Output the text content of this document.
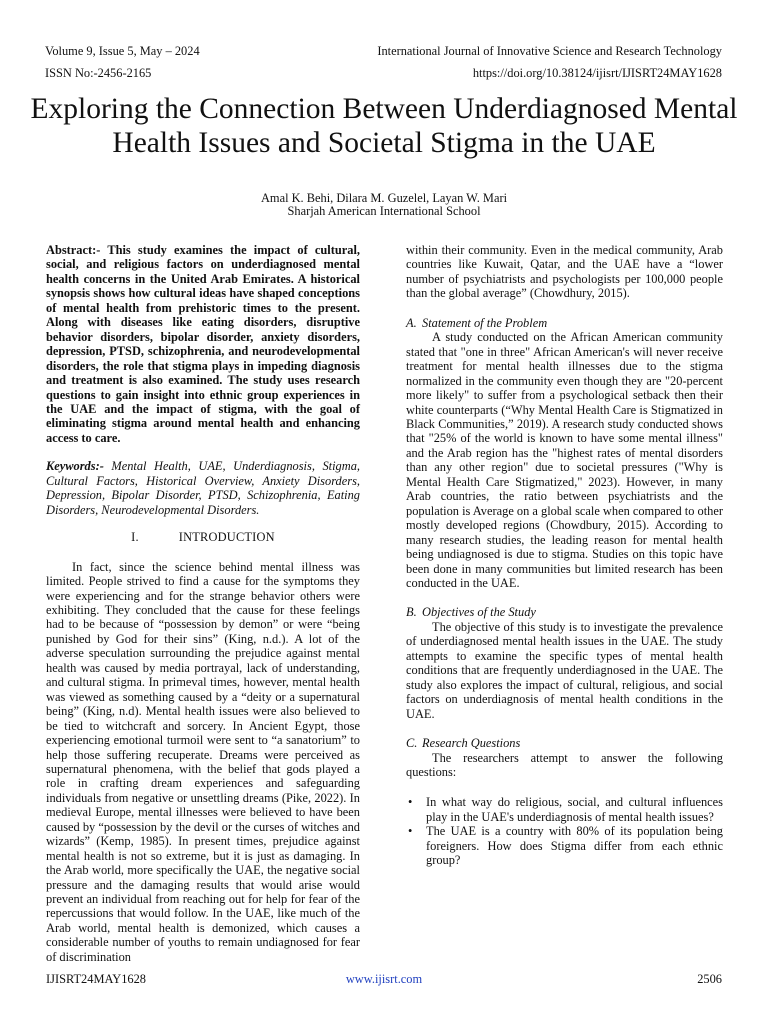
Volume 9, Issue 5, May – 2024	International Journal of Innovative Science and Research Technology
ISSN No:-2456-2165	https://doi.org/10.38124/ijisrt/IJISRT24MAY1628
Exploring the Connection Between Underdiagnosed Mental Health Issues and Societal Stigma in the UAE
Amal K. Behi, Dilara M. Guzelel, Layan W. Mari
Sharjah American International School

Abstract:- This study examines the impact of cultural, social, and religious factors on underdiagnosed mental health concerns in the United Arab Emirates. A historical synopsis shows how cultural ideas have shaped conceptions of mental health from prehistoric times to the present. Along with diseases like eating disorders, disruptive behavior disorders, bipolar disorder, anxiety disorders, depression, PTSD, schizophrenia, and neurodevelopmental disorders, the role that stigma plays in impeding diagnosis and treatment is also examined. The study uses research questions to gain insight into ethnic group experiences in the UAE and the impact of stigma, with the goal of eliminating stigma around mental health and enhancing access to care.

Keywords:- Mental Health, UAE, Underdiagnosis, Stigma, Cultural Factors, Historical Overview, Anxiety Disorders, Depression, Bipolar Disorder, PTSD, Schizophrenia, Eating Disorders, Neurodevelopmental Disorders.

I.	INTRODUCTION

In fact, since the science behind mental illness was limited. People strived to find a cause for the symptoms they were experiencing and for the strange behavior others were exhibiting. They concluded that the cause for these feelings had to be because of “possession by demon” or were “being punished by God for their sins” (King, n.d.). A lot of the adverse speculation surrounding the prejudice against mental health was caused by media portrayal, lack of understanding, and cultural stigma. In primeval times, however, mental health was viewed as something caused by a “deity or a supernatural being” (King, n.d). Mental health issues were also believed to be tied to witchcraft and sorcery. In Ancient Egypt, those experiencing emotional turmoil were sent to “a sanatorium” to help those suffering recuperate. Dreams were perceived as supernatural phenomena, with the belief that gods played a role in crafting dream experiences and safeguarding individuals from negative or unsettling dreams (Pike, 2022). In medieval Europe, mental illnesses were believed to have been caused by “possession by the devil or the curses of witches and wizards” (Kemp, 1985). In present times, prejudice against mental health is not so extreme, but it is just as damaging. In the Arab world, more specifically the UAE, the negative social pressure and the damaging results that would arise would prevent an individual from reaching out for help for fear of the repercussions that would follow. In the UAE, like much of the Arab world, mental health is demonized, which causes a considerable number of youths to remain undiagnosed for fear of discrimination

within their community. Even in the medical community, Arab countries like Kuwait, Qatar, and the UAE have a “lower number of psychiatrists and psychologists per 100,000 people than the global average” (Chowdhury, 2015).

A. Statement of the Problem

A study conducted on the African American community stated that "one in three" African American's will never receive treatment for mental health illnesses due to the stigma normalized in the community even though they are "20-percent more likely" to suffer from a psychological setback then their white counterparts (“Why Mental Health Care is Stigmatized in Black Communities,” 2019). A research study conducted shows that "25% of the world is known to have some mental illness" and the Arab region has the "highest rates of mental disorders than any other region" due to societal pressures ("Why is Mental Health Care Stigmatized," 2023). However, in many Arab countries, the ratio between psychiatrists and the population is Average on a global scale when compared to other mostly developed regions (Chowdbury, 2015). According to many research studies, the leading reason for mental health being undiagnosed is due to stigma. Studies on this topic have been done in many communities but limited research has been conducted in the UAE.

B. Objectives of the Study

The objective of this study is to investigate the prevalence of underdiagnosed mental health issues in the UAE. The study attempts to examine the specific types of mental health conditions that are frequently underdiagnosed in the UAE. The study also explores the impact of cultural, religious, and social factors on underdiagnosis of mental health conditions in the UAE.

C. Research Questions

The researchers attempt to answer the following questions:

• In what way do religious, social, and cultural influences play in the UAE's underdiagnosis of mental health issues?
• The UAE is a country with 80% of its population being foreigners. How does Stigma differ from each ethnic group?
IJISRT24MAY1628	www.ijisrt.com	2506
